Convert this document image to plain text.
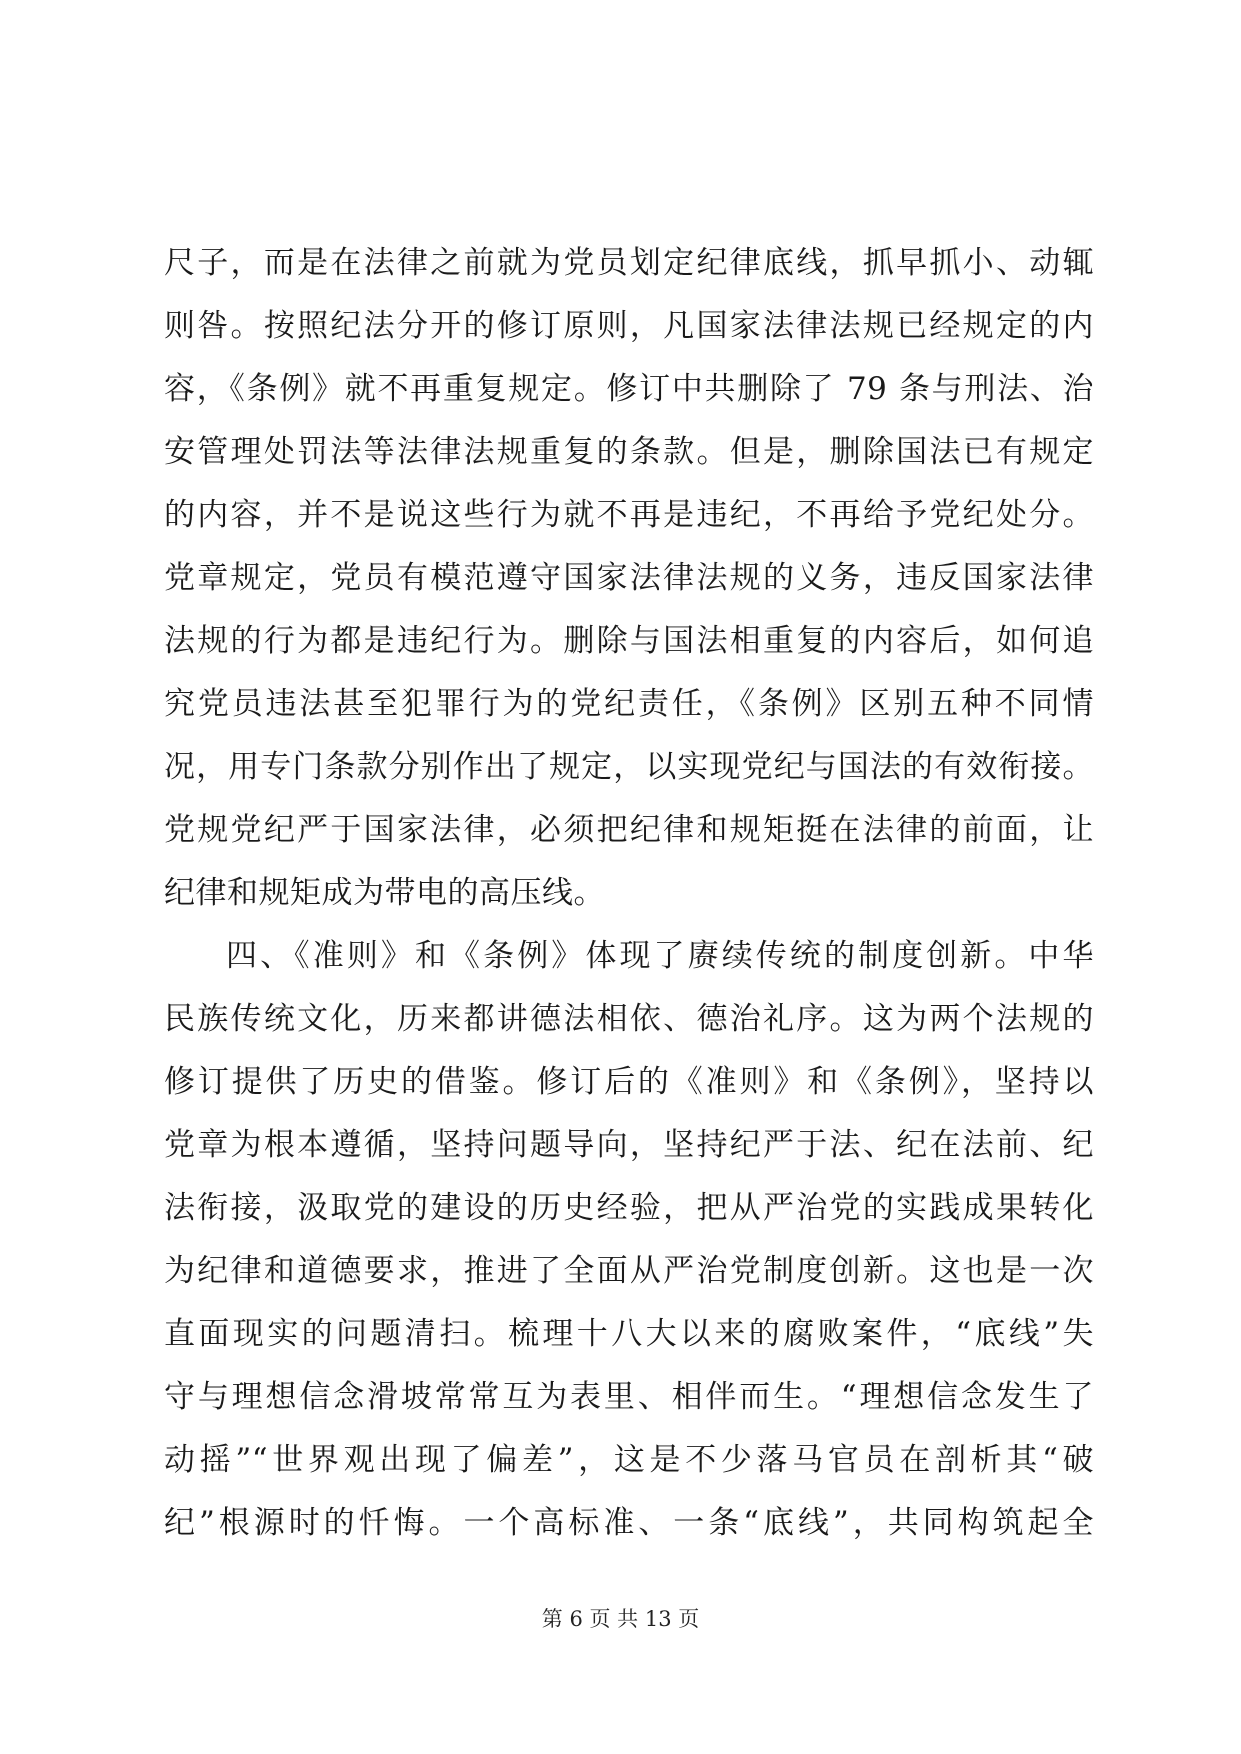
尺子，而是在法律之前就为党员划定纪律底线，抓早抓小、动辄
则咎。按照纪法分开的修订原则，凡国家法律法规已经规定的内
容，《条例》就不再重复规定。修订中共删除了 79 条与刑法、治
安管理处罚法等法律法规重复的条款。但是，删除国法已有规定
的内容，并不是说这些行为就不再是违纪，不再给予党纪处分。
党章规定，党员有模范遵守国家法律法规的义务，违反国家法律
法规的行为都是违纪行为。删除与国法相重复的内容后，如何追
究党员违法甚至犯罪行为的党纪责任，《条例》区别五种不同情
况，用专门条款分别作出了规定，以实现党纪与国法的有效衔接。
党规党纪严于国家法律，必须把纪律和规矩挺在法律的前面，让
纪律和规矩成为带电的高压线。
四、《准则》和《条例》体现了赓续传统的制度创新。中华
民族传统文化，历来都讲德法相依、德治礼序。这为两个法规的
修订提供了历史的借鉴。修订后的《准则》和《条例》，坚持以
党章为根本遵循，坚持问题导向，坚持纪严于法、纪在法前、纪
法衔接，汲取党的建设的历史经验，把从严治党的实践成果转化
为纪律和道德要求，推进了全面从严治党制度创新。这也是一次
直面现实的问题清扫。梳理十八大以来的腐败案件，“底线”失
守与理想信念滑坡常常互为表里、相伴而生。“理想信念发生了
动摇”“世界观出现了偏差”，这是不少落马官员在剖析其“破
纪”根源时的忏悔。一个高标准、一条“底线”，共同构筑起全
第 6 页 共 13 页
